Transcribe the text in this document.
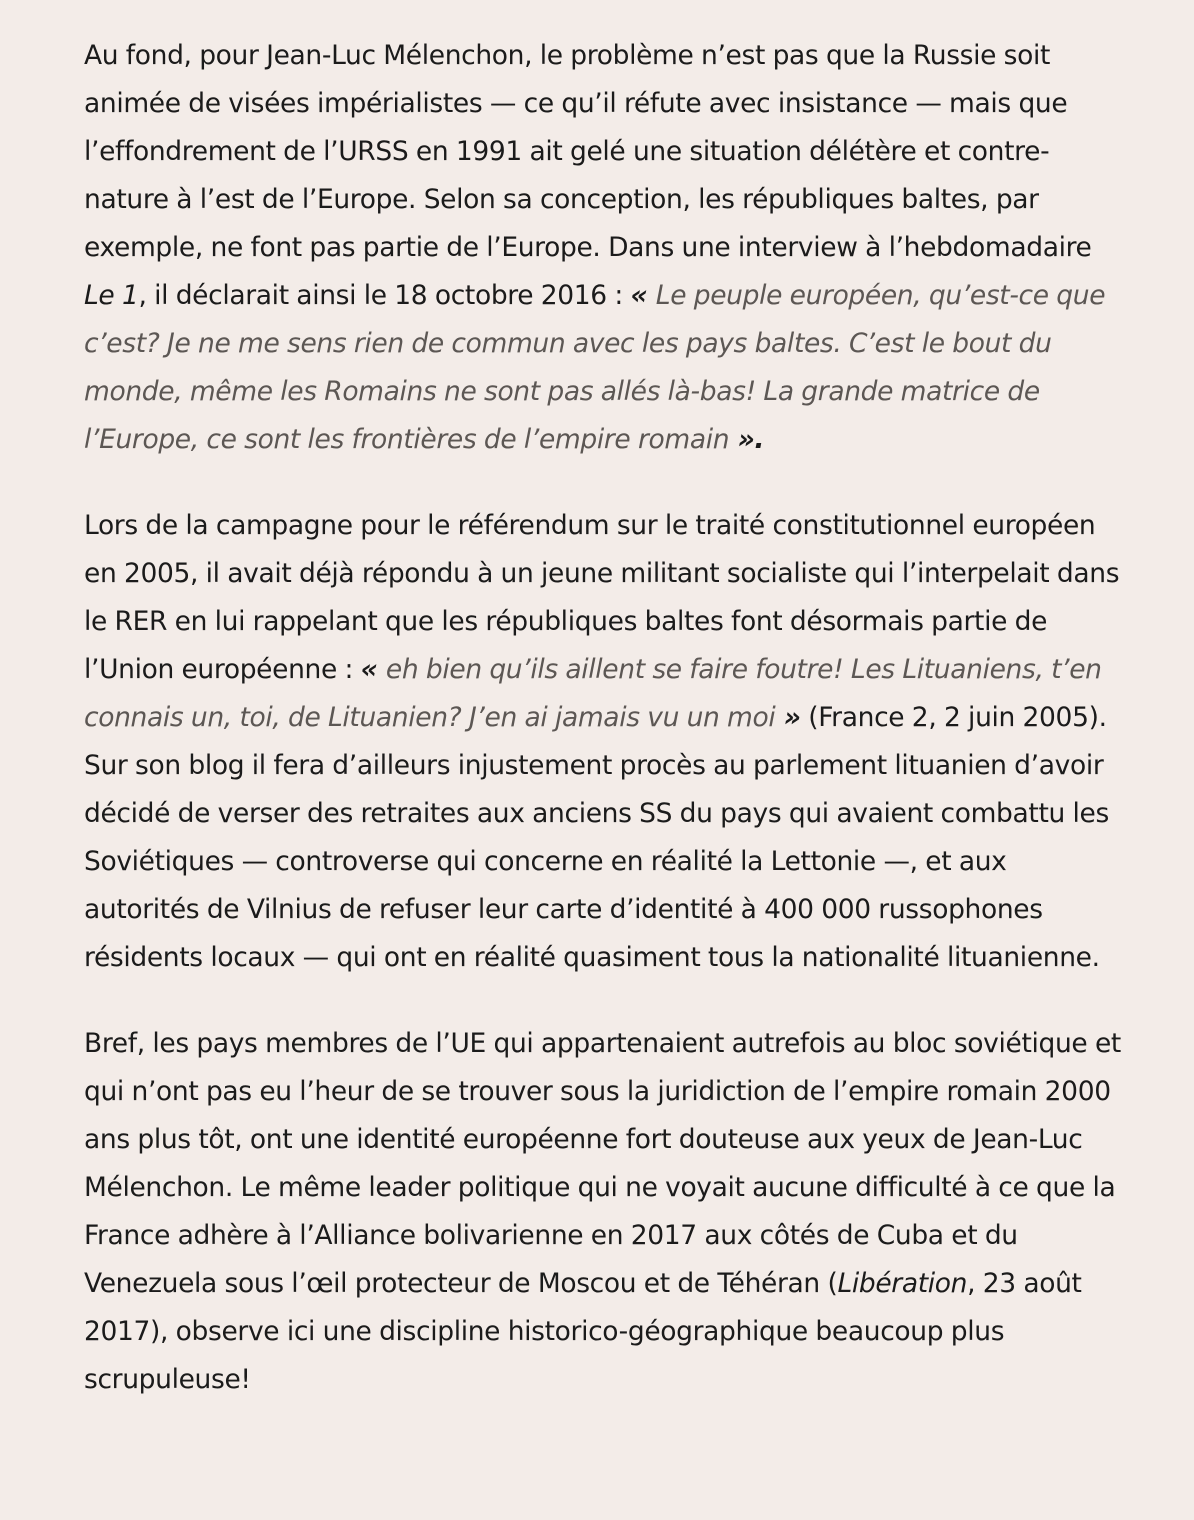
Au fond, pour Jean-Luc Mélenchon, le problème n’est pas que la Russie soit animée de visées impérialistes — ce qu’il réfute avec insistance — mais que l’effondrement de l’URSS en 1991 ait gelé une situation délétère et contre-nature à l’est de l’Europe. Selon sa conception, les républiques baltes, par exemple, ne font pas partie de l’Europe. Dans une interview à l’hebdomadaire Le 1, il déclarait ainsi le 18 octobre 2016 : « Le peuple européen, qu’est-ce que c’est? Je ne me sens rien de commun avec les pays baltes. C’est le bout du monde, même les Romains ne sont pas allés là-bas! La grande matrice de l’Europe, ce sont les frontières de l’empire romain ».

Lors de la campagne pour le référendum sur le traité constitutionnel européen en 2005, il avait déjà répondu à un jeune militant socialiste qui l’interpelait dans le RER en lui rappelant que les républiques baltes font désormais partie de l’Union européenne : « eh bien qu’ils aillent se faire foutre! Les Lituaniens, t’en connais un, toi, de Lituanien? J’en ai jamais vu un moi » (France 2, 2 juin 2005). Sur son blog il fera d’ailleurs injustement procès au parlement lituanien d’avoir décidé de verser des retraites aux anciens SS du pays qui avaient combattu les Soviétiques — controverse qui concerne en réalité la Lettonie —, et aux autorités de Vilnius de refuser leur carte d’identité à 400 000 russophones résidents locaux — qui ont en réalité quasiment tous la nationalité lituanienne.

Bref, les pays membres de l’UE qui appartenaient autrefois au bloc soviétique et qui n’ont pas eu l’heur de se trouver sous la juridiction de l’empire romain 2000 ans plus tôt, ont une identité européenne fort douteuse aux yeux de Jean-Luc Mélenchon. Le même leader politique qui ne voyait aucune difficulté à ce que la France adhère à l’Alliance bolivarienne en 2017 aux côtés de Cuba et du Venezuela sous l’œil protecteur de Moscou et de Téhéran (Libération, 23 août 2017), observe ici une discipline historico-géographique beaucoup plus scrupuleuse!
